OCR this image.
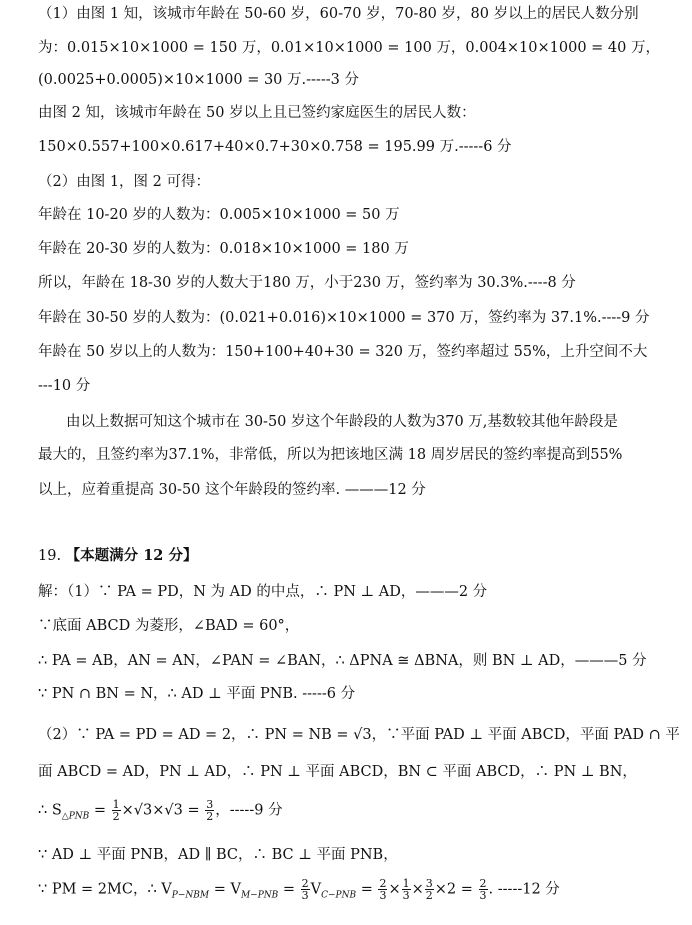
（1）由图 1 知，该城市年龄在 50-60 岁，60-70 岁，70-80 岁，80 岁以上的居民人数分别
为：0.015×10×1000 = 150 万，0.01×10×1000 = 100 万，0.004×10×1000 = 40 万，
(0.0025+0.0005)×10×1000 = 30 万.-----3 分
由图 2 知，该城市年龄在 50 岁以上且已签约家庭医生的居民人数：
150×0.557+100×0.617+40×0.7+30×0.758 = 195.99 万.-----6 分
（2）由图 1，图 2 可得：
年龄在 10-20 岁的人数为：0.005×10×1000 = 50 万
年龄在 20-30 岁的人数为：0.018×10×1000 = 180 万
所以，年龄在 18-30 岁的人数大于180 万，小于230 万，签约率为 30.3%.----8 分
年龄在 30-50 岁的人数为：(0.021+0.016)×10×1000 = 370 万，签约率为 37.1%.----9 分
年龄在 50 岁以上的人数为：150+100+40+30 = 320 万，签约率超过 55%，上升空间不大
---10 分
由以上数据可知这个城市在 30-50 岁这个年龄段的人数为370 万,基数较其他年龄段是
最大的，且签约率为37.1%，非常低，所以为把该地区满 18 周岁居民的签约率提高到55%
以上，应着重提高 30-50 这个年龄段的签约率. ———12 分
19. 【本题满分 12 分】
解：（1）∵ PA = PD，N 为 AD 的中点，∴ PN ⊥ AD，———2 分
∵底面 ABCD 为菱形，∠BAD = 60°，
∴ PA = AB，AN = AN，∠PAN = ∠BAN，∴ ΔPNA ≅ ΔBNA，则 BN ⊥ AD，———5 分
∵ PN ∩ BN = N，∴ AD ⊥ 平面 PNB. -----6 分
（2）∵ PA = PD = AD = 2，∴ PN = NB = √3，∵平面 PAD ⊥ 平面 ABCD，平面 PAD ∩ 平
面 ABCD = AD，PN ⊥ AD，∴ PN ⊥ 平面 ABCD，BN ⊂ 平面 ABCD，∴ PN ⊥ BN，
∴ $S_{\triangle PNB} = \frac{1}{2} \times√3\times√3 = \frac{3}{2}$ ，-----9 分
∵ AD ⊥ 平面 PNB，AD ∥ BC，∴ BC ⊥ 平面 PNB，
∵ PM = 2MC，∴ $V_{P-NBM} = V_{M-PNB} = \frac{2}{3} V_{C-PNB} = \frac{2}{3} \times \frac{1}{3} \times \frac{3}{2} \times 2 = \frac{2}{3}$ . -----12 分
